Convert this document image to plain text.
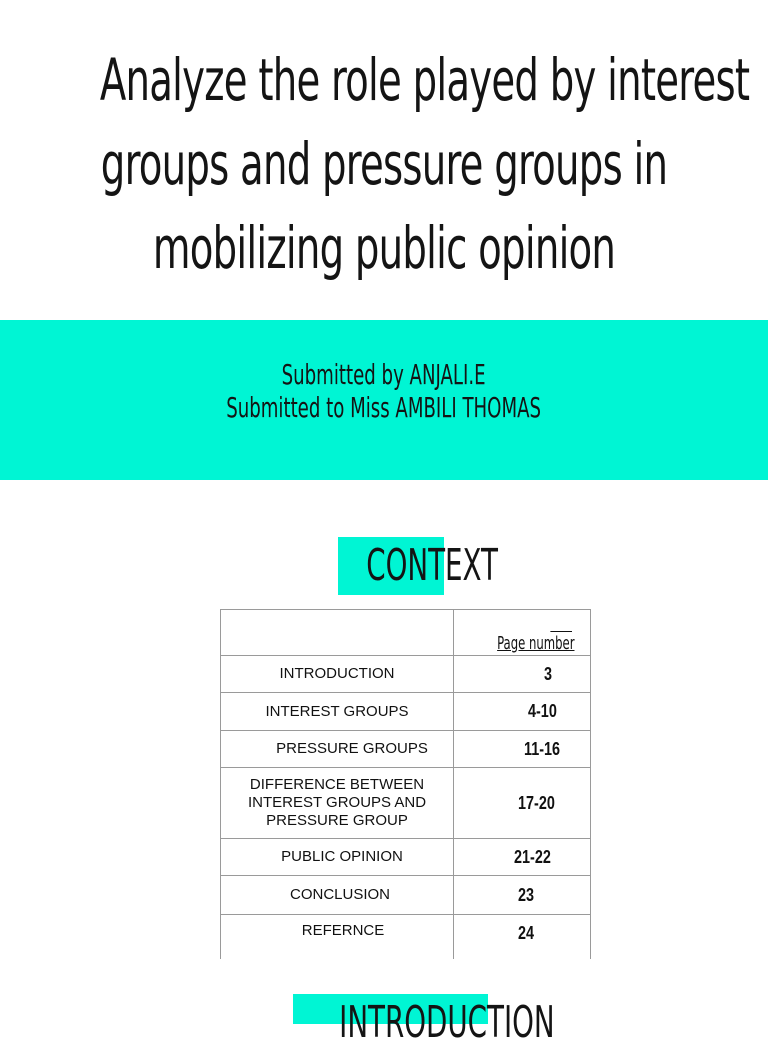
Analyze the role played by interest
groups and pressure groups in
mobilizing public opinion
Submitted by ANJALI.E
Submitted to Miss AMBILI THOMAS
CONTEXT

	Page number

INTRODUCTION	3
INTEREST GROUPS	4-10
PRESSURE GROUPS	11-16
DIFFERENCE BETWEEN INTEREST GROUPS AND PRESSURE GROUP	17-20
PUBLIC OPINION	21-22
CONCLUSION	23
REFERNCE	24
INTRODUCTION
